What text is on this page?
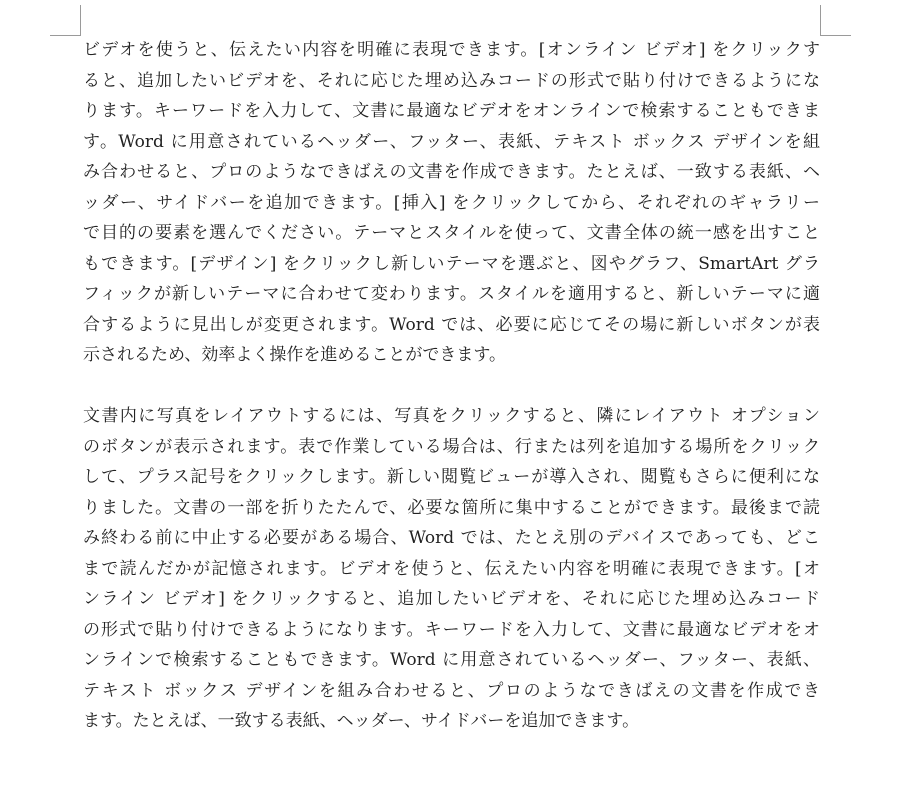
ビデオを使うと、伝えたい内容を明確に表現できます。[オンライン ビデオ] をクリックす
ると、追加したいビデオを、それに応じた埋め込みコードの形式で貼り付けできるようにな
ります。キーワードを入力して、文書に最適なビデオをオンラインで検索することもできま
す。Word に用意されているヘッダー、フッター、表紙、テキスト ボックス デザインを組
み合わせると、プロのようなできばえの文書を作成できます。たとえば、一致する表紙、ヘ
ッダー、サイドバーを追加できます。[挿入] をクリックしてから、それぞれのギャラリー
で目的の要素を選んでください。テーマとスタイルを使って、文書全体の統一感を出すこと
もできます。[デザイン] をクリックし新しいテーマを選ぶと、図やグラフ、SmartArt グラ
フィックが新しいテーマに合わせて変わります。スタイルを適用すると、新しいテーマに適
合するように見出しが変更されます。Word では、必要に応じてその場に新しいボタンが表
示されるため、効率よく操作を進めることができます。
文書内に写真をレイアウトするには、写真をクリックすると、隣にレイアウト オプション
のボタンが表示されます。表で作業している場合は、行または列を追加する場所をクリック
して、プラス記号をクリックします。新しい閲覧ビューが導入され、閲覧もさらに便利にな
りました。文書の一部を折りたたんで、必要な箇所に集中することができます。最後まで読
み終わる前に中止する必要がある場合、Word では、たとえ別のデバイスであっても、どこ
まで読んだかが記憶されます。ビデオを使うと、伝えたい内容を明確に表現できます。[オ
ンライン ビデオ] をクリックすると、追加したいビデオを、それに応じた埋め込みコード
の形式で貼り付けできるようになります。キーワードを入力して、文書に最適なビデオをオ
ンラインで検索することもできます。Word に用意されているヘッダー、フッター、表紙、
テキスト ボックス デザインを組み合わせると、プロのようなできばえの文書を作成でき
ます。たとえば、一致する表紙、ヘッダー、サイドバーを追加できます。
